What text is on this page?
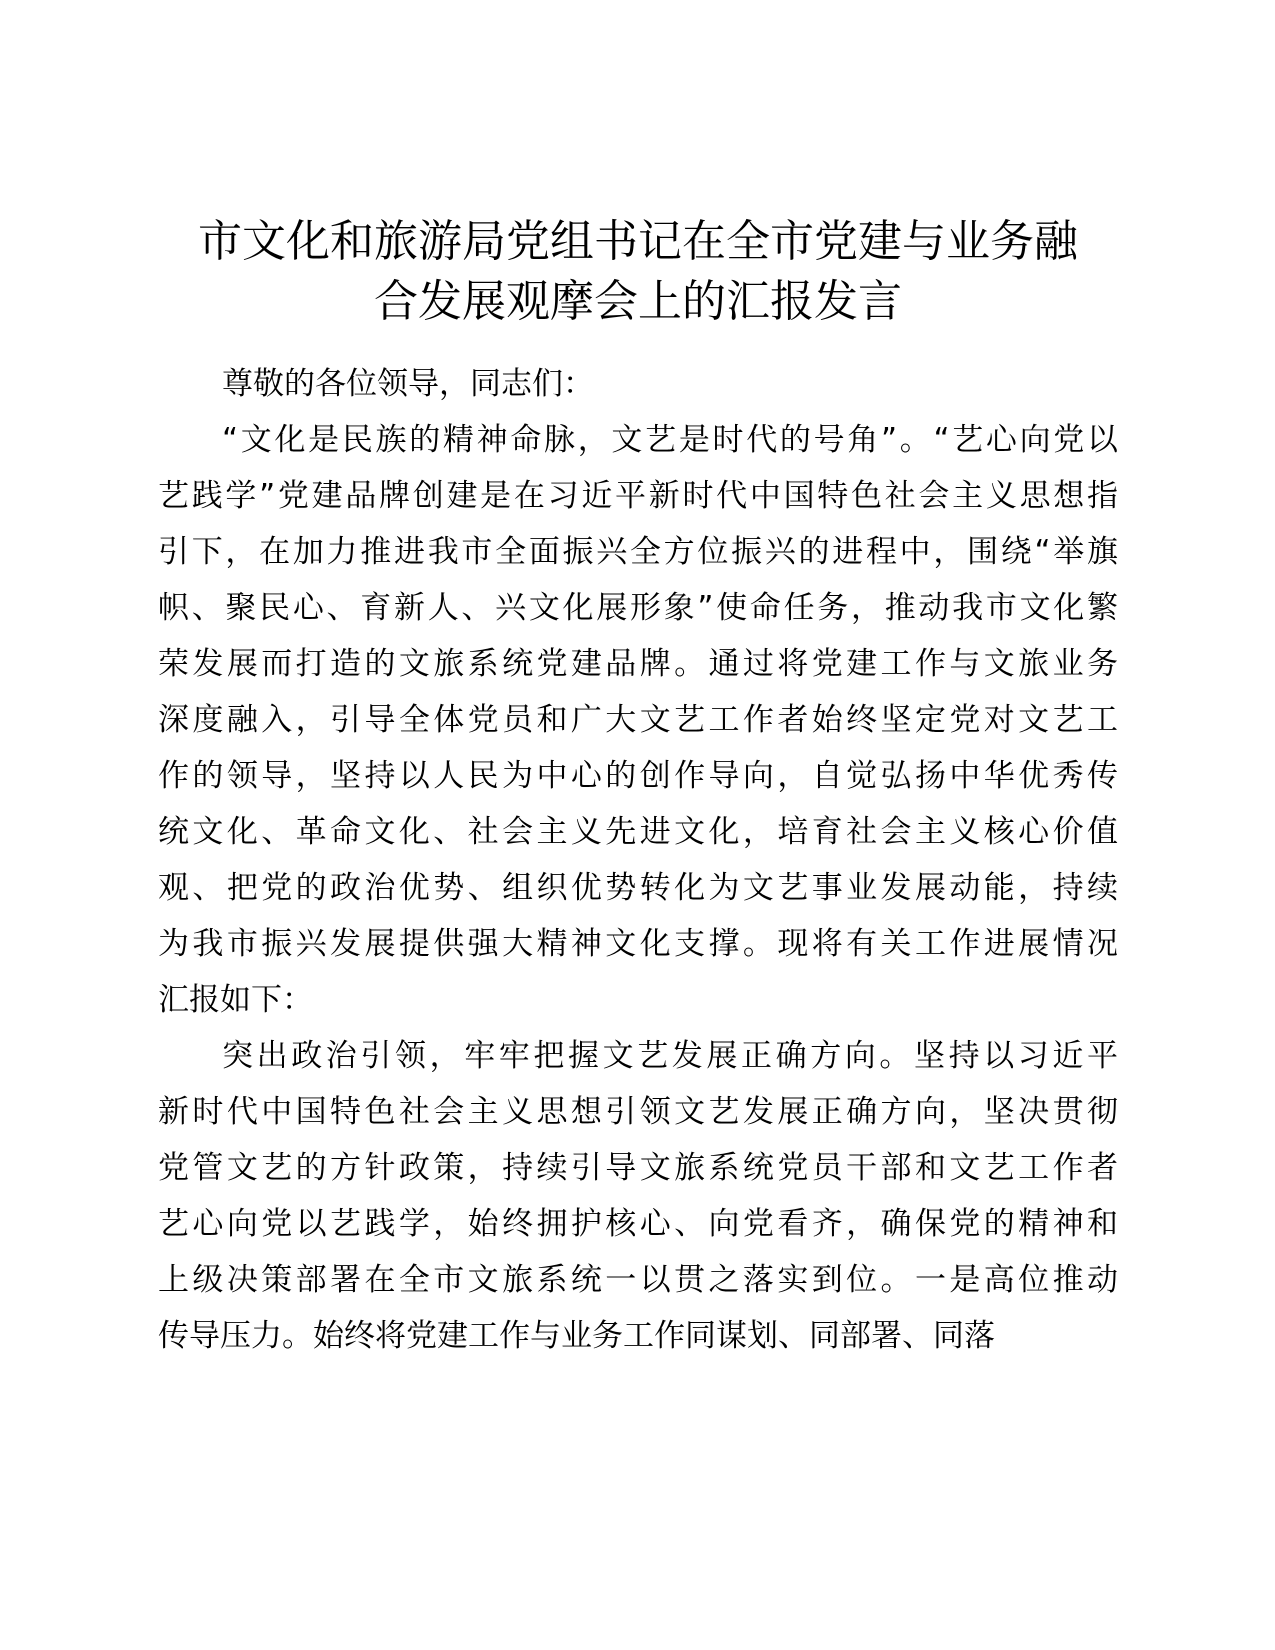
市文化和旅游局党组书记在全市党建与业务融
合发展观摩会上的汇报发言
尊敬的各位领导，同志们：
“文化是民族的精神命脉，文艺是时代的号角”。“艺心向党以
艺践学”党建品牌创建是在习近平新时代中国特色社会主义思想指
引下，在加力推进我市全面振兴全方位振兴的进程中，围绕“举旗
帜、聚民心、育新人、兴文化展形象”使命任务，推动我市文化繁
荣发展而打造的文旅系统党建品牌。通过将党建工作与文旅业务
深度融入，引导全体党员和广大文艺工作者始终坚定党对文艺工
作的领导，坚持以人民为中心的创作导向，自觉弘扬中华优秀传
统文化、革命文化、社会主义先进文化，培育社会主义核心价值
观、把党的政治优势、组织优势转化为文艺事业发展动能，持续
为我市振兴发展提供强大精神文化支撑。现将有关工作进展情况
汇报如下：
突出政治引领，牢牢把握文艺发展正确方向。坚持以习近平
新时代中国特色社会主义思想引领文艺发展正确方向，坚决贯彻
党管文艺的方针政策，持续引导文旅系统党员干部和文艺工作者
艺心向党以艺践学，始终拥护核心、向党看齐，确保党的精神和
上级决策部署在全市文旅系统一以贯之落实到位。一是高位推动
传导压力。始终将党建工作与业务工作同谋划、同部署、同落
